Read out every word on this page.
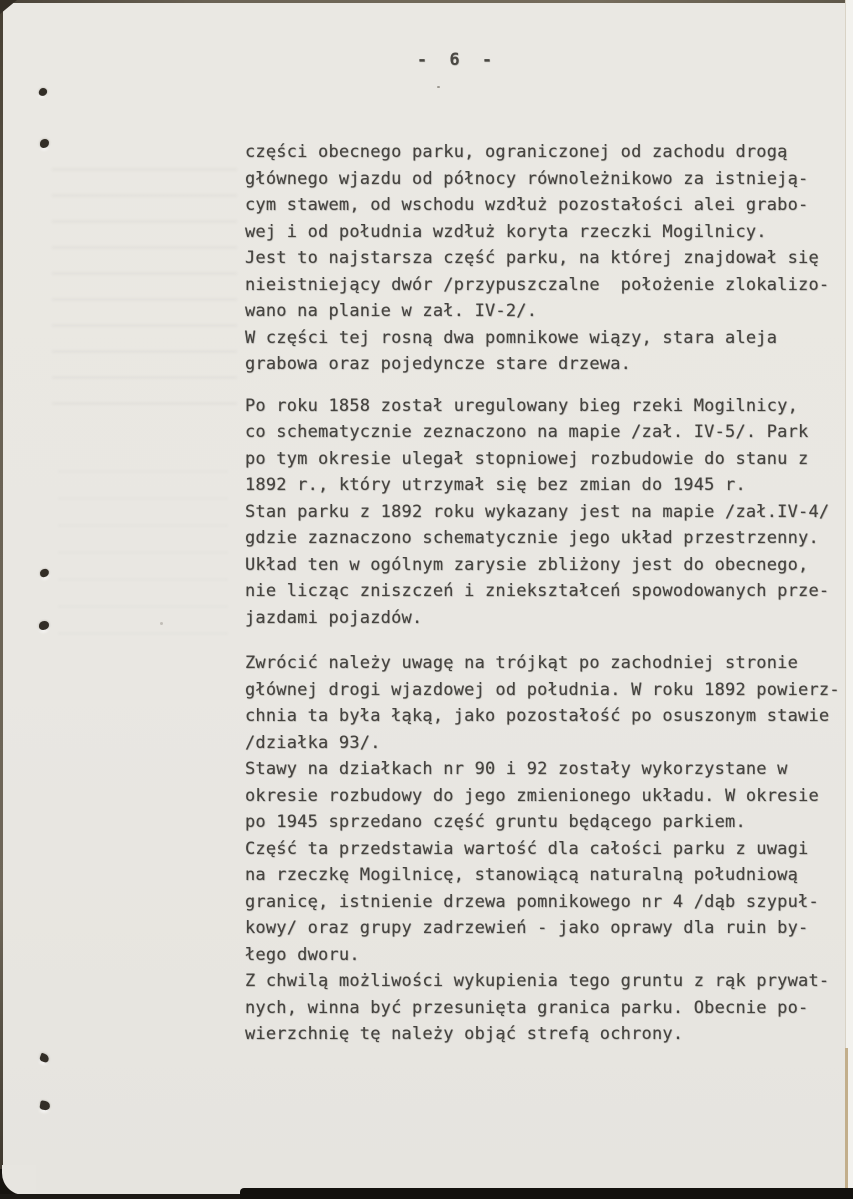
- 6 -
części obecnego parku, ograniczonej od zachodu drogą
głównego wjazdu od północy równoleżnikowo za istnieją-
cym stawem, od wschodu wzdłuż pozostałości alei grabo-
wej i od południa wzdłuż koryta rzeczki Mogilnicy.
Jest to najstarsza część parku, na której znajdował się
nieistniejący dwór /przypuszczalne  położenie zlokalizo-
wano na planie w zał. IV-2/.
W części tej rosną dwa pomnikowe wiązy, stara aleja
grabowa oraz pojedyncze stare drzewa.
Po roku 1858 został uregulowany bieg rzeki Mogilnicy,
co schematycznie zeznaczono na mapie /zał. IV-5/. Park
po tym okresie ulegał stopniowej rozbudowie do stanu z
1892 r., który utrzymał się bez zmian do 1945 r.
Stan parku z 1892 roku wykazany jest na mapie /zał.IV-4/
gdzie zaznaczono schematycznie jego układ przestrzenny.
Układ ten w ogólnym zarysie zbliżony jest do obecnego,
nie licząc zniszczeń i zniekształceń spowodowanych prze-
jazdami pojazdów.
Zwrócić należy uwagę na trójkąt po zachodniej stronie
głównej drogi wjazdowej od południa. W roku 1892 powierz-
chnia ta była łąką, jako pozostałość po osuszonym stawie
/działka 93/.
Stawy na działkach nr 90 i 92 zostały wykorzystane w
okresie rozbudowy do jego zmienionego układu. W okresie
po 1945 sprzedano część gruntu będącego parkiem.
Część ta przedstawia wartość dla całości parku z uwagi
na rzeczkę Mogilnicę, stanowiącą naturalną południową
granicę, istnienie drzewa pomnikowego nr 4 /dąb szypuł-
kowy/ oraz grupy zadrzewień - jako oprawy dla ruin by-
łego dworu.
Z chwilą możliwości wykupienia tego gruntu z rąk prywat-
nych, winna być przesunięta granica parku. Obecnie po-
wierzchnię tę należy objąć strefą ochrony.
